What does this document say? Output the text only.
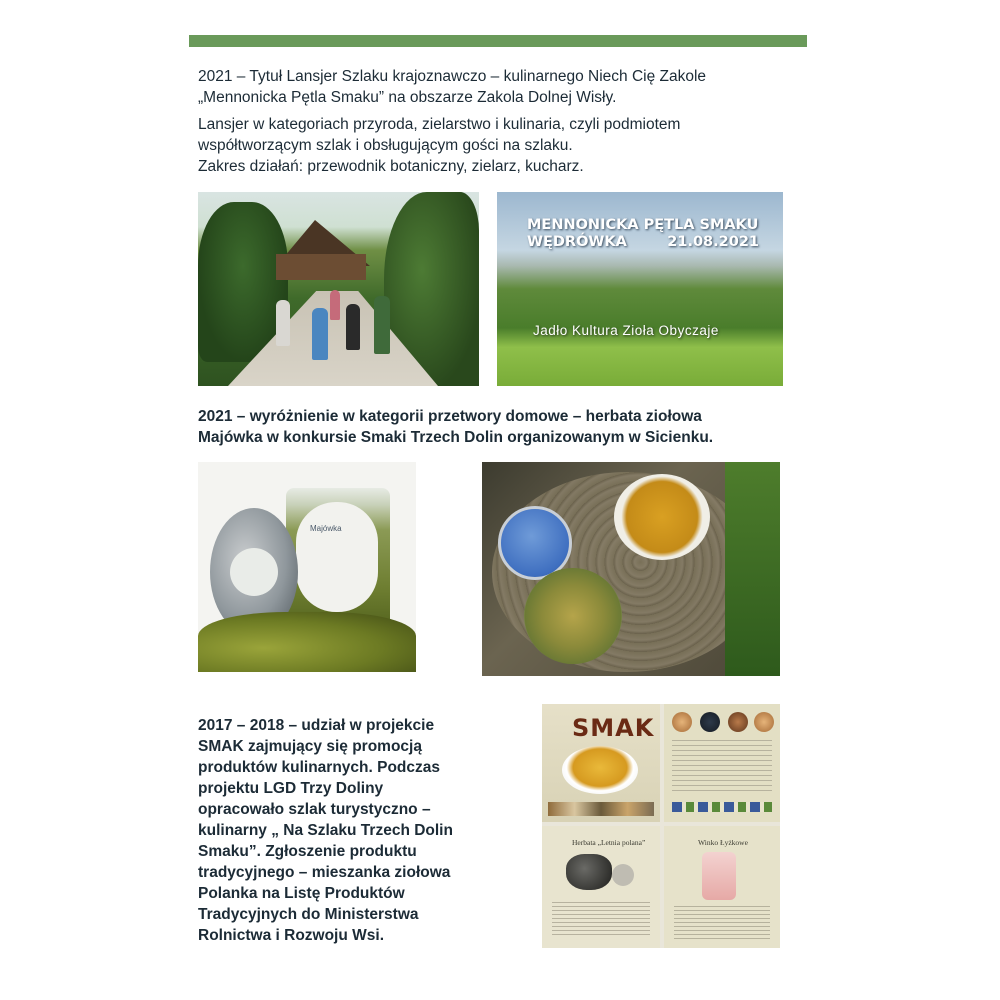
2021 – Tytuł Lansjer Szlaku krajoznawczo – kulinarnego Niech Cię Zakole
„Mennonicka Pętla Smaku” na obszarze Zakola Dolnej Wisły.
Lansjer w kategoriach przyroda, zielarstwo i kulinaria, czyli podmiotem
współtworzącym szlak i obsługującym gości na szlaku.
Zakres działań: przewodnik botaniczny, zielarz, kucharz.
MENNONICKA PĘTLA SMAKU
WĘDRÓWKA	21.08.2021
Jadło Kultura Zioła Obyczaje
2021 – wyróżnienie w kategorii przetwory domowe – herbata ziołowa
Majówka w konkursie Smaki Trzech Dolin organizowanym w Sicienku.
Majówka
2017 – 2018 – udział w projekcie
SMAK zajmujący się promocją
produktów kulinarnych. Podczas
projektu LGD Trzy Doliny
opracowało szlak turystyczno –
kulinarny „ Na Szlaku Trzech Dolin
Smaku”. Zgłoszenie produktu
tradycyjnego – mieszanka ziołowa
Polanka na Listę Produktów
Tradycyjnych do Ministerstwa
Rolnictwa i Rozwoju Wsi.
SMAK
Herbata „Letnia polana”	Winko Łyżkowe
